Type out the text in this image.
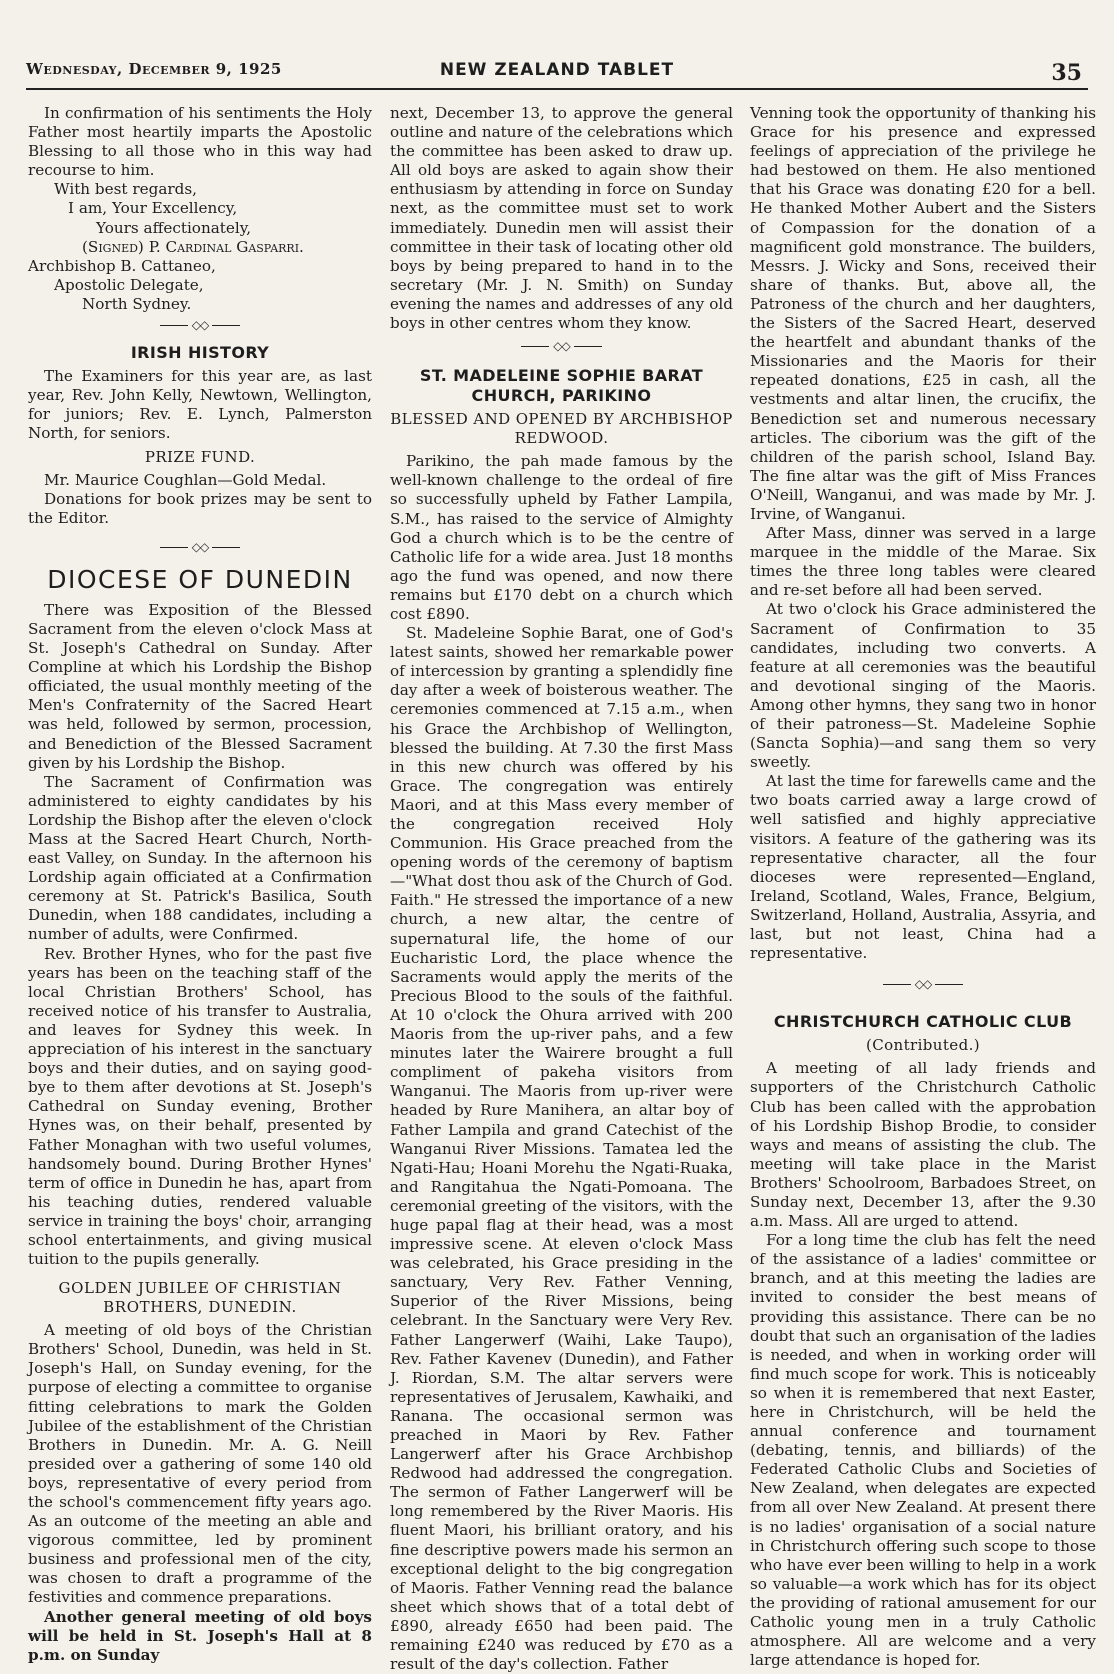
Wednesday, December 9, 1925	NEW ZEALAND TABLET	35

In confirmation of his sentiments the Holy Father most heartily imparts the Apostolic Blessing to all those who in this way had recourse to him.

With best regards,

I am, Your Excellency,

Yours affectionately,

(Signed) P. Cardinal Gasparri.

Archbishop B. Cattaneo,

Apostolic Delegate,

North Sydney.

◇◇
IRISH HISTORY

The Examiners for this year are, as last year, Rev. John Kelly, Newtown, Wellington, for juniors; Rev. E. Lynch, Palmerston North, for seniors.

PRIZE FUND.

Mr. Maurice Coughlan—Gold Medal.

Donations for book prizes may be sent to the Editor.

◇◇
DIOCESE OF DUNEDIN

There was Exposition of the Blessed Sacrament from the eleven o'clock Mass at St. Joseph's Cathedral on Sunday. After Compline at which his Lordship the Bishop officiated, the usual monthly meeting of the Men's Confraternity of the Sacred Heart was held, followed by sermon, procession, and Benediction of the Blessed Sacrament given by his Lordship the Bishop.

The Sacrament of Confirmation was administered to eighty candidates by his Lordship the Bishop after the eleven o'clock Mass at the Sacred Heart Church, North-east Valley, on Sunday. In the afternoon his Lordship again officiated at a Confirmation ceremony at St. Patrick's Basilica, South Dunedin, when 188 candidates, including a number of adults, were Confirmed.

Rev. Brother Hynes, who for the past five years has been on the teaching staff of the local Christian Brothers' School, has received notice of his transfer to Australia, and leaves for Sydney this week. In appreciation of his interest in the sanctuary boys and their duties, and on saying good-bye to them after devotions at St. Joseph's Cathedral on Sunday evening, Brother Hynes was, on their behalf, presented by Father Monaghan with two useful volumes, handsomely bound. During Brother Hynes' term of office in Dunedin he has, apart from his teaching duties, rendered valuable service in training the boys' choir, arranging school entertainments, and giving musical tuition to the pupils generally.

GOLDEN JUBILEE OF CHRISTIAN BROTHERS, DUNEDIN.

A meeting of old boys of the Christian Brothers' School, Dunedin, was held in St. Joseph's Hall, on Sunday evening, for the purpose of electing a committee to organise fitting celebrations to mark the Golden Jubilee of the establishment of the Christian Brothers in Dunedin. Mr. A. G. Neill presided over a gathering of some 140 old boys, representative of every period from the school's commencement fifty years ago. As an outcome of the meeting an able and vigorous committee, led by prominent business and professional men of the city, was chosen to draft a programme of the festivities and commence preparations.

Another general meeting of old boys will be held in St. Joseph's Hall at 8 p.m. on Sunday

next, December 13, to approve the general outline and nature of the celebrations which the committee has been asked to draw up. All old boys are asked to again show their enthusiasm by attending in force on Sunday next, as the committee must set to work immediately. Dunedin men will assist their committee in their task of locating other old boys by being prepared to hand in to the secretary (Mr. J. N. Smith) on Sunday evening the names and addresses of any old boys in other centres whom they know.

◇◇
ST. MADELEINE SOPHIE BARAT CHURCH, PARIKINO
BLESSED AND OPENED BY ARCHBISHOP REDWOOD.

Parikino, the pah made famous by the well-known challenge to the ordeal of fire so successfully upheld by Father Lampila, S.M., has raised to the service of Almighty God a church which is to be the centre of Catholic life for a wide area. Just 18 months ago the fund was opened, and now there remains but £170 debt on a church which cost £890.

St. Madeleine Sophie Barat, one of God's latest saints, showed her remarkable power of intercession by granting a splendidly fine day after a week of boisterous weather. The ceremonies commenced at 7.15 a.m., when his Grace the Archbishop of Wellington, blessed the building. At 7.30 the first Mass in this new church was offered by his Grace. The congregation was entirely Maori, and at this Mass every member of the congregation received Holy Communion. His Grace preached from the opening words of the ceremony of baptism—"What dost thou ask of the Church of God. Faith." He stressed the importance of a new church, a new altar, the centre of supernatural life, the home of our Eucharistic Lord, the place whence the Sacraments would apply the merits of the Precious Blood to the souls of the faithful. At 10 o'clock the Ohura arrived with 200 Maoris from the up-river pahs, and a few minutes later the Wairere brought a full compliment of pakeha visitors from Wanganui. The Maoris from up-river were headed by Rure Manihera, an altar boy of Father Lampila and grand Catechist of the Wanganui River Missions. Tamatea led the Ngati-Hau; Hoani Morehu the Ngati-Ruaka, and Rangitahua the Ngati-Pomoana. The ceremonial greeting of the visitors, with the huge papal flag at their head, was a most impressive scene. At eleven o'clock Mass was celebrated, his Grace presiding in the sanctuary, Very Rev. Father Venning, Superior of the River Missions, being celebrant. In the Sanctuary were Very Rev. Father Langerwerf (Waihi, Lake Taupo), Rev. Father Kavenev (Dunedin), and Father J. Riordan, S.M. The altar servers were representatives of Jerusalem, Kawhaiki, and Ranana. The occasional sermon was preached in Maori by Rev. Father Langerwerf after his Grace Archbishop Redwood had addressed the congregation. The sermon of Father Langerwerf will be long remembered by the River Maoris. His fluent Maori, his brilliant oratory, and his fine descriptive powers made his sermon an exceptional delight to the big congregation of Maoris. Father Venning read the balance sheet which shows that of a total debt of £890, already £650 had been paid. The remaining £240 was reduced by £70 as a result of the day's collection. Father

Venning took the opportunity of thanking his Grace for his presence and expressed feelings of appreciation of the privilege he had bestowed on them. He also mentioned that his Grace was donating £20 for a bell. He thanked Mother Aubert and the Sisters of Compassion for the donation of a magnificent gold monstrance. The builders, Messrs. J. Wicky and Sons, received their share of thanks. But, above all, the Patroness of the church and her daughters, the Sisters of the Sacred Heart, deserved the heartfelt and abundant thanks of the Missionaries and the Maoris for their repeated donations, £25 in cash, all the vestments and altar linen, the crucifix, the Benediction set and numerous necessary articles. The ciborium was the gift of the children of the parish school, Island Bay. The fine altar was the gift of Miss Frances O'Neill, Wanganui, and was made by Mr. J. Irvine, of Wanganui.

After Mass, dinner was served in a large marquee in the middle of the Marae. Six times the three long tables were cleared and re-set before all had been served.

At two o'clock his Grace administered the Sacrament of Confirmation to 35 candidates, including two converts. A feature at all ceremonies was the beautiful and devotional singing of the Maoris. Among other hymns, they sang two in honor of their patroness—St. Madeleine Sophie (Sancta Sophia)—and sang them so very sweetly.

At last the time for farewells came and the two boats carried away a large crowd of well satisfied and highly appreciative visitors. A feature of the gathering was its representative character, all the four dioceses were represented—England, Ireland, Scotland, Wales, France, Belgium, Switzerland, Holland, Australia, Assyria, and last, but not least, China had a representative.

◇◇
CHRISTCHURCH CATHOLIC CLUB
(Contributed.)

A meeting of all lady friends and supporters of the Christchurch Catholic Club has been called with the approbation of his Lordship Bishop Brodie, to consider ways and means of assisting the club. The meeting will take place in the Marist Brothers' Schoolroom, Barbadoes Street, on Sunday next, December 13, after the 9.30 a.m. Mass. All are urged to attend.

For a long time the club has felt the need of the assistance of a ladies' committee or branch, and at this meeting the ladies are invited to consider the best means of providing this assistance. There can be no doubt that such an organisation of the ladies is needed, and when in working order will find much scope for work. This is noticeably so when it is remembered that next Easter, here in Christchurch, will be held the annual conference and tournament (debating, tennis, and billiards) of the Federated Catholic Clubs and Societies of New Zealand, when delegates are expected from all over New Zealand. At present there is no ladies' organisation of a social nature in Christchurch offering such scope to those who have ever been willing to help in a work so valuable—a work which has for its object the providing of rational amusement for our Catholic young men in a truly Catholic atmosphere. All are welcome and a very large attendance is hoped for.
